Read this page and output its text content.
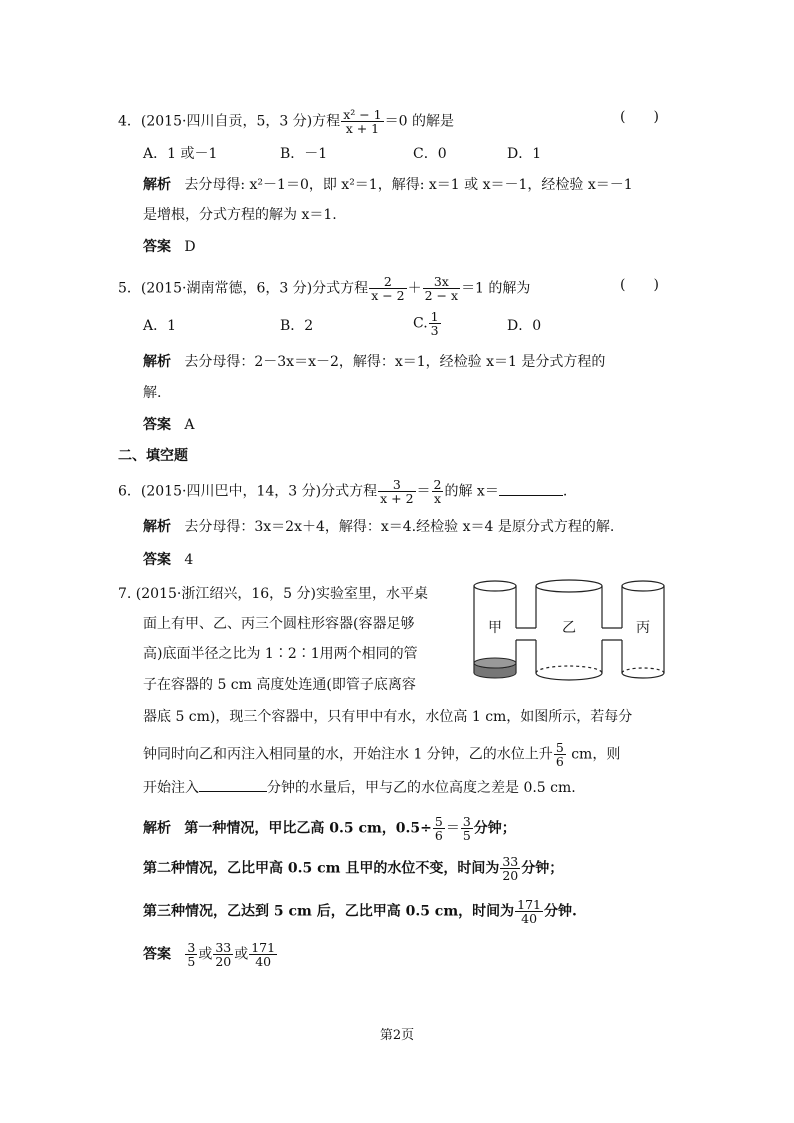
4．(2015·四川自贡，5，3 分)方程 $\frac{\text{x² − 1}}{x + 1} =0$ 的解是	(　　)
A．1 或－1	B．－1	C．0	D．1
解析 去分母得: x²－1＝0，即 x²＝1，解得: x＝1 或 x＝－1，经检验 x＝－1
是增根，分式方程的解为 x＝1.
答案 D
5．(2015·湖南常德，6，3 分)分式方程 $\frac{2}{x - 2} + \frac{3x}{2 - x} =1$ 的解为	(　　)
A．1	B．2	C. $\frac{1}{3}$	D．0
解析 去分母得：2－3x＝x－2，解得：x＝1，经检验 x＝1 是分式方程的
解.
答案 A
二、填空题
6．(2015·四川巴中，14，3 分)分式方程 $\frac{3}{x + 2} = \frac{2}{x}$ 的解 x＝	.
解析 去分母得：3x＝2x＋4，解得：x＝4.经检验 x＝4 是原分式方程的解.
答案 4
7. (2015·浙江绍兴，16，5 分)实验室里，水平桌
面上有甲、乙、丙三个圆柱形容器(容器足够
高)底面半径之比为 1∶2∶1用两个相同的管
子在容器的 5 cm 高度处连通(即管子底离容
器底 5 cm)，现三个容器中，只有甲中有水，水位高 1 cm，如图所示，若每分
钟同时向乙和丙注入相同量的水，开始注水 1 分钟，乙的水位上升 $\frac{5}{6}$ cm，则
开始注入	分钟的水量后，甲与乙的水位高度之差是 0.5 cm.
甲	乙	丙
解析 第一种情况，甲比乙高 0.5 cm，$0.5\div \frac{5}{6} = \frac{3}{5}$ 分钟；
第二种情况，乙比甲高 0.5 cm 且甲的水位不变，时间为 $\frac{33}{20}$ 分钟；
第三种情况，乙达到 5 cm 后，乙比甲高 0.5 cm，时间为 $\frac{171}{40}$ 分钟.
答案 $\frac{3}{5}$ 或 $\frac{33}{20}$ 或 $\frac{171}{40}$
第2页
